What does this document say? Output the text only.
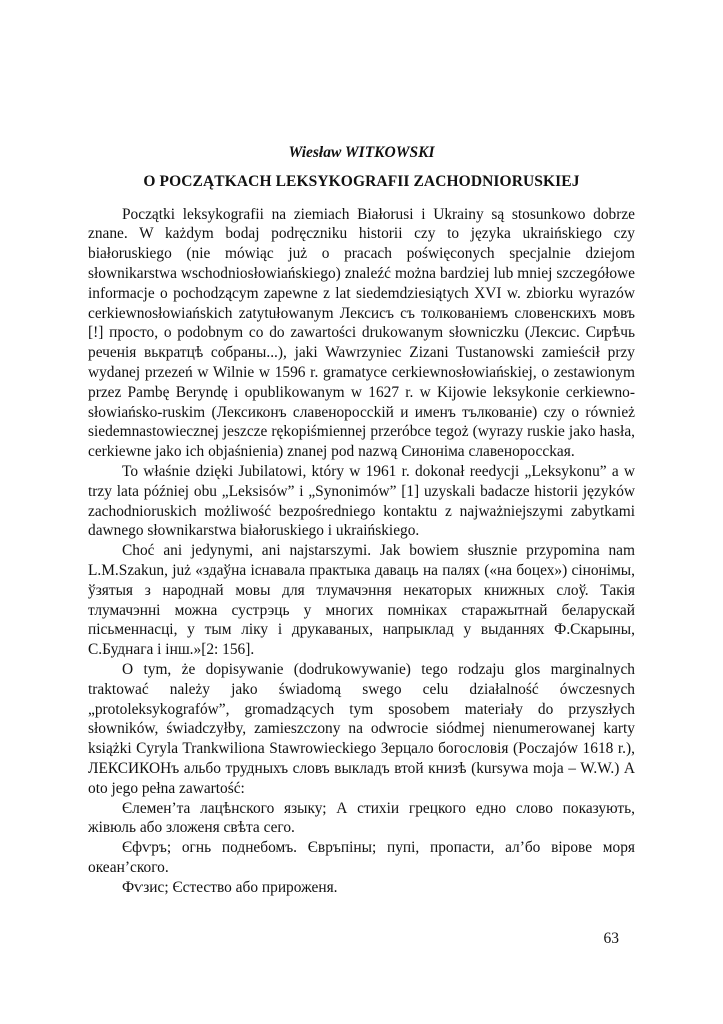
Wiesław WITKOWSKI
O POCZĄTKACH LEKSYKOGRAFII ZACHODNIORUSKIEJ

Początki leksykografii na ziemiach Białorusi i Ukrainy są stosunkowo dobrze znane. W każdym bodaj podręczniku historii czy to języka ukraińskiego czy białoruskiego (nie mówiąc już o pracach poświęconych specjalnie dziejom słownikarstwa wschodniosłowiańskiego) znaleźć można bardziej lub mniej szczegółowe informacje o pochodzącym zapewne z lat siedemdziesiątych XVI w. zbiorku wyrazów cerkiewnosłowiańskich zatytułowanym Лексисъ съ толкованіемъ словенскихъ мовъ [!] просто, o podobnym co do zawartości drukowanym słowniczku (Лексис. Сирѣчь реченія вькратцѣ собраны...), jaki Wawrzyniec Zizani Tustanowski zamieścił przy wydanej przezeń w Wilnie w 1596 r. gramatyce cerkiewnosłowiańskiej, o zestawionym przez Pambę Beryndę i opublikowanym w 1627 r. w Kijowie leksykonie cerkiewno-słowiańsko-ruskim (Лексиконъ славенороссkій и именъ тълкованіе) czy o również siedemnastowiecznej jeszcze rękopiśmiennej przeróbce tegoż (wyrazy ruskie jako hasła, cerkiewne jako ich objaśnienia) znanej pod nazwą Синоніма славенороссkая.

To właśnie dzięki Jubilatowi, który w 1961 r. dokonał reedycji „Leksykonu” a w trzy lata później obu „Leksisów” i „Synonimów” [1] uzyskali badacze historii języków zachodnioruskich możliwość bezpośredniego kontaktu z najważniejszymi zabytkami dawnego słownikarstwa białoruskiego i ukraińskiego.

Choć ani jedynymi, ani najstarszymi. Jak bowiem słusznie przypomina nam L.M.Szakun, już «здаўна існавала практыка даваць на палях («на боцех») сінонімы, ўзятыя з народнай мовы для тлумачэння некаторых книжных слоў. Такія тлумачэнні можна сустрэць у многих помніках старажытнай беларускай пісьменнасці, у тым ліку і друкаваных, напрыклад у выданнях Ф.Скарыны, С.Буднага і інш.»[2: 156].

O tym, że dopisywanie (dodrukowywanie) tego rodzaju glos marginalnych traktować należy jako świadomą swego celu działalność ówczesnych „protoleksykografów”, gromadzących tym sposobem materiały do przyszłych słowników, świadczyłby, zamieszczony na odwrocie siódmej nienumerowanej karty książki Cyryla Trankwiliona Stawrowieckiego Зерцало богословія (Poczajów 1618 r.), ЛЕКСИКОНъ альбо трудныхъ словъ выкладъ втой книзѣ (kursywa moja – W.W.) A oto jego pełna zawartość:

Єлемен’та лацѣнского языку; А стихіи грецкого едно слово показують, жівюль або зложеня свѣта сего.

Єфѵръ; огнь поднебомъ. Євръпіны; пупі, пропасти, ал’бо вірове моря океан’ского.

Фѵзис; Єстество або прироженя.

63
